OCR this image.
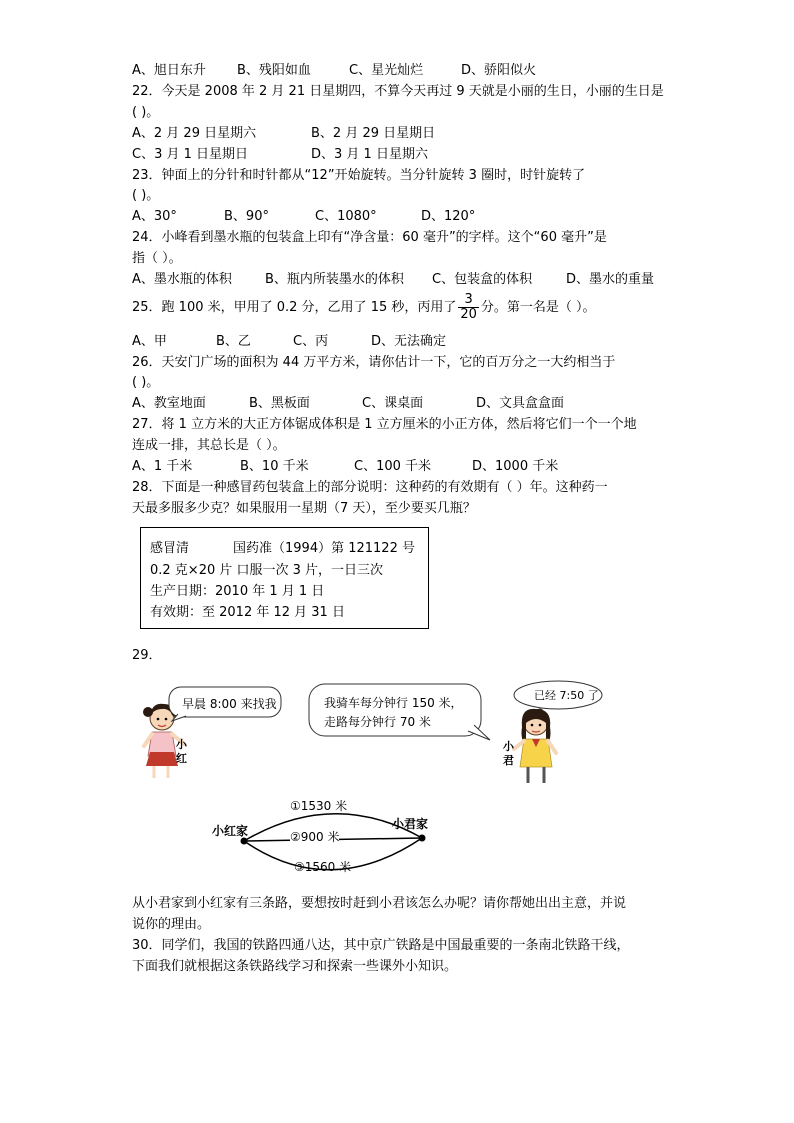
A、旭日东升 B、残阳如血	C、星光灿烂	D、骄阳似火
22．今天是 2008 年 2 月 21 日星期四，不算今天再过 9 天就是小丽的生日，小丽的生日是
( )。
A、2 月 29 日星期六	B、2 月 29 日星期日
C、3 月 1 日星期日	D、3 月 1 日星期六
23．钟面上的分针和时针都从“12”开始旋转。当分针旋转 3 圈时，时针旋转了
( )。
A、30°	B、90°	C、1080°	D、120°
24．小峰看到墨水瓶的包装盒上印有“净含量：60 毫升”的字样。这个“60 毫升”是
指（ ）。
A、墨水瓶的体积	B、瓶内所装墨水的体积 C、包装盒的体积	D、墨水的重量
25．跑 100 米，甲用了 0.2 分，乙用了 15 秒，丙用了 $\frac{3}{20}$ 分。第一名是（ ）。
A、甲	B、乙	C、丙	D、无法确定
26．天安门广场的面积为 44 万平方米，请你估计一下，它的百万分之一大约相当于
( )。
A、教室地面	B、黑板面	C、课桌面	D、文具盒盒面
27．将 1 立方米的大正方体锯成体积是 1 立方厘米的小正方体，然后将它们一个一个地
连成一排，其总长是（ ）。
A、1 千米	B、10 千米	C、100 千米	D、1000 千米
28．下面是一种感冒药包装盒上的部分说明：这种药的有效期有（ ）年。这种药一
天最多服多少克？如果服用一星期（7 天），至少要买几瓶？
感冒清	国药准（1994）第 121122 号
0.2 克×20 片 口服一次 3 片，一日三次
生产日期：2010 年 1 月 1 日
有效期：至 2012 年 12 月 31 日
29．
小
红
早晨 8:00 来找我	我骑车每分钟行 150 米，
走路每分钟行 70 米
已经 7:50 了
小
君
小红家	小君家
①1530 米
②900 米
③1560 米
从小君家到小红家有三条路，要想按时赶到小君该怎么办呢？请你帮她出出主意，并说
说你的理由。
30．同学们，我国的铁路四通八达，其中京广铁路是中国最重要的一条南北铁路干线，
下面我们就根据这条铁路线学习和探索一些课外小知识。
